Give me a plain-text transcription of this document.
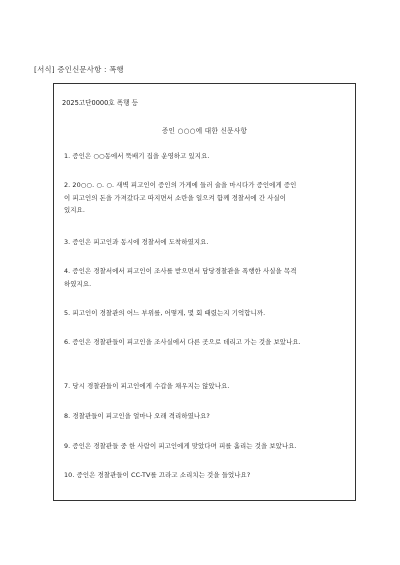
[서식] 증인신문사항 : 폭행
2025고단0000호 폭행 등
증인 ○○○에 대한 신문사항
1. 증인은 ○○동에서 뚝배기 집을 운영하고 있지요.
2. 20○○. ○. ○. 새벽 피고인이 증인의 가게에 들러 술을 마시다가 증인에게 증인
이 피고인의 돈을 가져갔다고 따지면서 소란을 일으켜 함께 경찰서에 간 사실이
있지요.
3. 증인은 피고인과 동시에 경찰서에 도착하였지요.
4. 증인은 경찰서에서 피고인이 조사를 받으면서 담당경찰관을 폭행한 사실을 목격
하였지요.
5. 피고인이 경찰관의 어느 부위를, 어떻게, 몇 회 때렸는지 기억합니까.
6. 증인은 경찰관들이 피고인을 조사실에서 다른 곳으로 데리고 가는 것을 보았나요.
7. 당시 경찰관들이 피고인에게 수갑을 채우지는 않았나요.
8. 경찰관들이 피고인을 얼마나 오래 격리하였나요?
9. 증인은 경찰관들 중 한 사람이 피고인에게 맞았다며 피를 흘리는 것을 보았나요.
10. 증인은 경찰관들이 CC-TV를 끄라고 소리치는 것을 들었나요?
